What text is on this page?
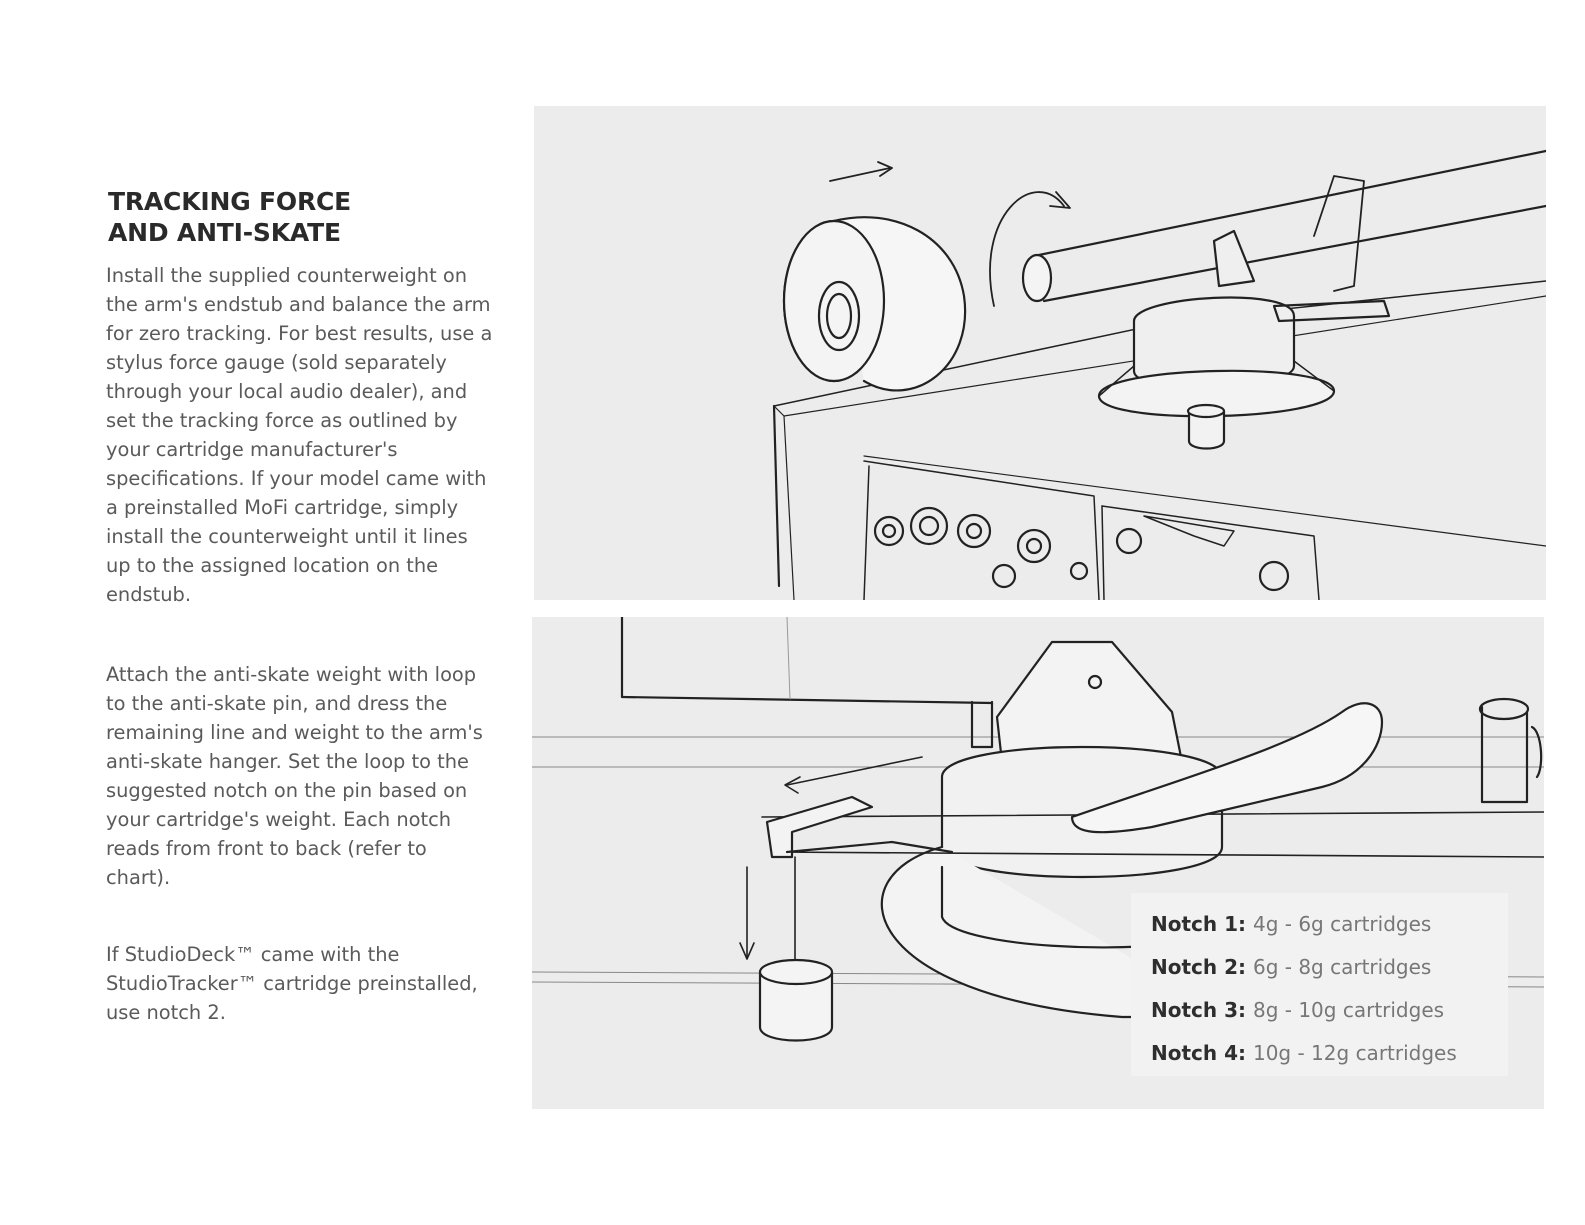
TRACKING FORCE
AND ANTI-SKATE

Install the supplied counterweight on the arm's endstub and balance the arm for zero tracking. For best results, use a stylus force gauge (sold separately through your local audio dealer), and set the tracking force as outlined by your cartridge manufacturer's specifications. If your model came with a preinstalled MoFi cartridge, simply install the counterweight until it lines up to the assigned location on the endstub.

Attach the anti-skate weight with loop to the anti-skate pin, and dress the remaining line and weight to the arm's anti-skate hanger. Set the loop to the suggested notch on the pin based on your cartridge's weight. Each notch reads from front to back (refer to chart).

If StudioDeck™ came with the StudioTracker™ cartridge preinstalled, use notch 2.

Notch 1: 4g - 6g cartridges
Notch 2: 6g - 8g cartridges
Notch 3: 8g - 10g cartridges
Notch 4: 10g - 12g cartridges
